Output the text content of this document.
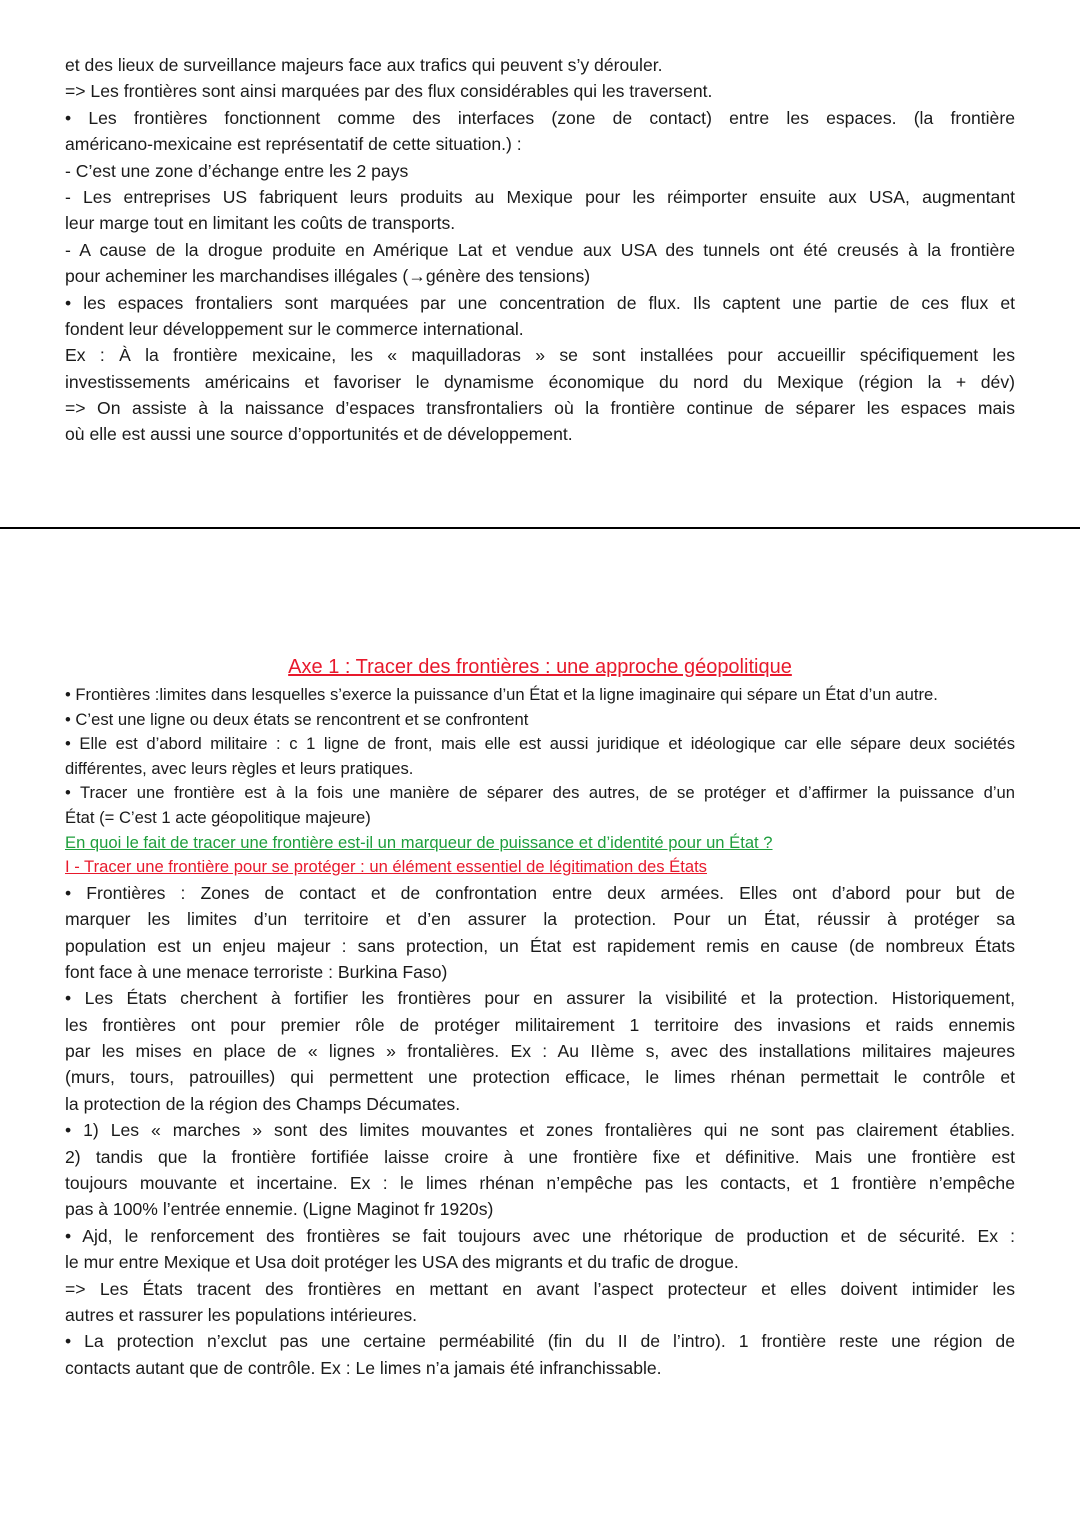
et des lieux de surveillance majeurs face aux trafics qui peuvent s’y dérouler.
=> Les frontières sont ainsi marquées par des flux considérables qui les traversent.
• Les frontières fonctionnent comme des interfaces (zone de contact) entre les espaces. (la frontière
américano-mexicaine est représentatif de cette situation.) :
- C’est une zone d’échange entre les 2 pays
- Les entreprises US fabriquent leurs produits au Mexique pour les réimporter ensuite aux USA, augmentant
leur marge tout en limitant les coûts de transports.
- A cause de la drogue produite en Amérique Lat et vendue aux USA des tunnels ont été creusés à la frontière
pour acheminer les marchandises illégales (→génère des tensions)
• les espaces frontaliers sont marquées par une concentration de flux. Ils captent une partie de ces flux et
fondent leur développement sur le commerce international.
Ex : À la frontière mexicaine, les « maquilladoras » se sont installées pour accueillir spécifiquement les
investissements américains et favoriser le dynamisme économique du nord du Mexique (région la + dév)
=> On assiste à la naissance d’espaces transfrontaliers où la frontière continue de séparer les espaces mais
où elle est aussi une source d’opportunités et de développement.
Axe 1 : Tracer des frontières : une approche géopolitique
• Frontières :limites dans lesquelles s’exerce la puissance d’un État et la ligne imaginaire qui sépare un État d’un autre.
• C’est une ligne ou deux états se rencontrent et se confrontent
• Elle est d’abord militaire : c 1 ligne de front, mais elle est aussi juridique et idéologique car elle sépare deux sociétés
différentes, avec leurs règles et leurs pratiques.
• Tracer une frontière est à la fois une manière de séparer des autres, de se protéger et d’affirmer la puissance d’un
État (= C’est 1 acte géopolitique majeure)
En quoi le fait de tracer une frontière est-il un marqueur de puissance et d’identité pour un État ?
I - Tracer une frontière pour se protéger : un élément essentiel de légitimation des États
• Frontières : Zones de contact et de confrontation entre deux armées. Elles ont d’abord pour but de
marquer les limites d’un territoire et d’en assurer la protection. Pour un État, réussir à protéger sa
population est un enjeu majeur : sans protection, un État est rapidement remis en cause (de nombreux États
font face à une menace terroriste : Burkina Faso)
• Les États cherchent à fortifier les frontières pour en assurer la visibilité et la protection. Historiquement,
les frontières ont pour premier rôle de protéger militairement 1 territoire des invasions et raids ennemis
par les mises en place de « lignes » frontalières. Ex : Au IIème s, avec des installations militaires majeures
(murs, tours, patrouilles) qui permettent une protection efficace, le limes rhénan permettait le contrôle et
la protection de la région des Champs Décumates.
• 1) Les « marches » sont des limites mouvantes et zones frontalières qui ne sont pas clairement établies.
2) tandis que la frontière fortifiée laisse croire à une frontière fixe et définitive. Mais une frontière est
toujours mouvante et incertaine. Ex : le limes rhénan n’empêche pas les contacts, et 1 frontière n’empêche
pas à 100% l’entrée ennemie. (Ligne Maginot fr 1920s)
• Ajd, le renforcement des frontières se fait toujours avec une rhétorique de production et de sécurité. Ex :
le mur entre Mexique et Usa doit protéger les USA des migrants et du trafic de drogue.
=> Les États tracent des frontières en mettant en avant l’aspect protecteur et elles doivent intimider les
autres et rassurer les populations intérieures.
• La protection n’exclut pas une certaine perméabilité (fin du II de l’intro). 1 frontière reste une région de
contacts autant que de contrôle. Ex : Le limes n’a jamais été infranchissable.
